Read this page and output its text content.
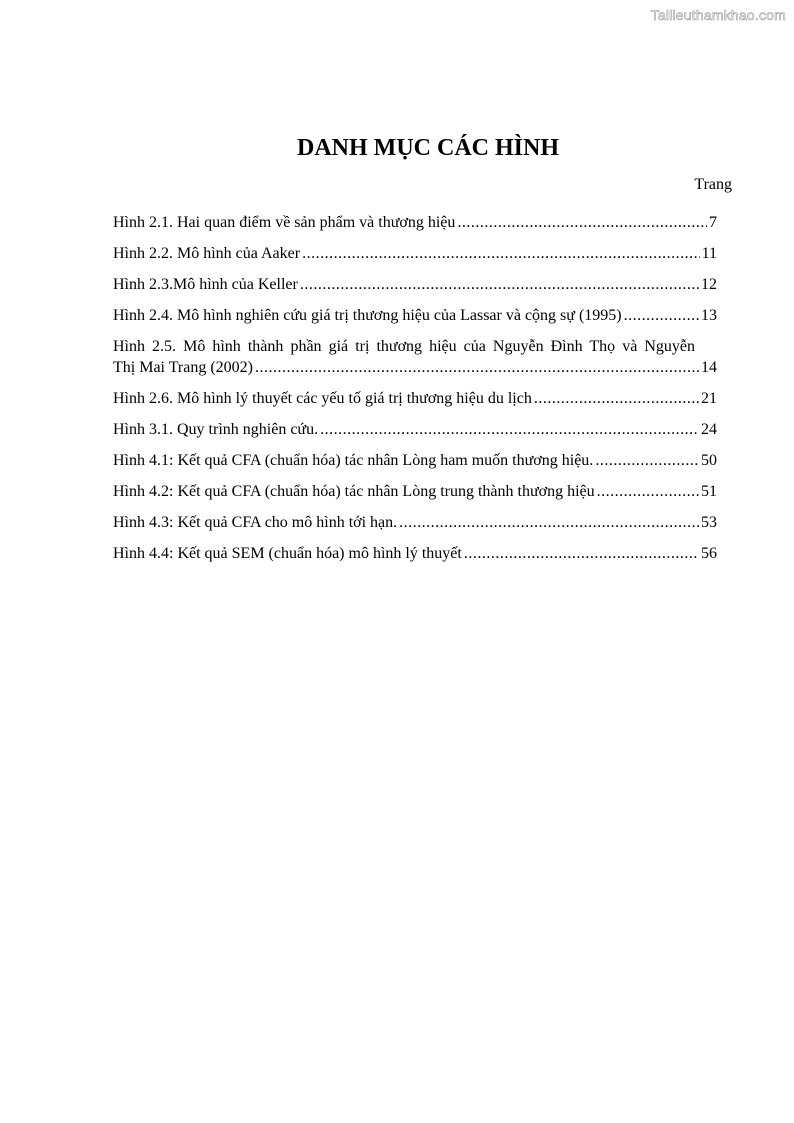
Tailieuthamkhao.com
DANH MỤC CÁC HÌNH
Trang
Hình 2.1. Hai quan điểm về sản phẩm và thương hiệu .....	7
Hình 2.2. Mô hình của Aaker .....	11
Hình 2.3.Mô hình của Keller .....	12
Hình 2.4. Mô hình nghiên cứu giá trị thương hiệu của Lassar và cộng sự (1995) .....	13
Hình 2.5. Mô hình thành phần giá trị thương hiệu của Nguyễn Đình Thọ và Nguyễn
Thị Mai Trang (2002) .....	14
Hình 2.6. Mô hình lý thuyết các yếu tố giá trị thương hiệu du lịch .....	21
Hình 3.1. Quy trình nghiên cứu. .....	24
Hình 4.1: Kết quả CFA (chuẩn hóa) tác nhân Lòng ham muốn thương hiệu. .....	50
Hình 4.2: Kết quả CFA (chuẩn hóa) tác nhân Lòng trung thành thương hiệu .....	51
Hình 4.3: Kết quả CFA cho mô hình tới hạn. .....	53
Hình 4.4: Kết quả SEM (chuẩn hóa) mô hình lý thuyết .....	56
